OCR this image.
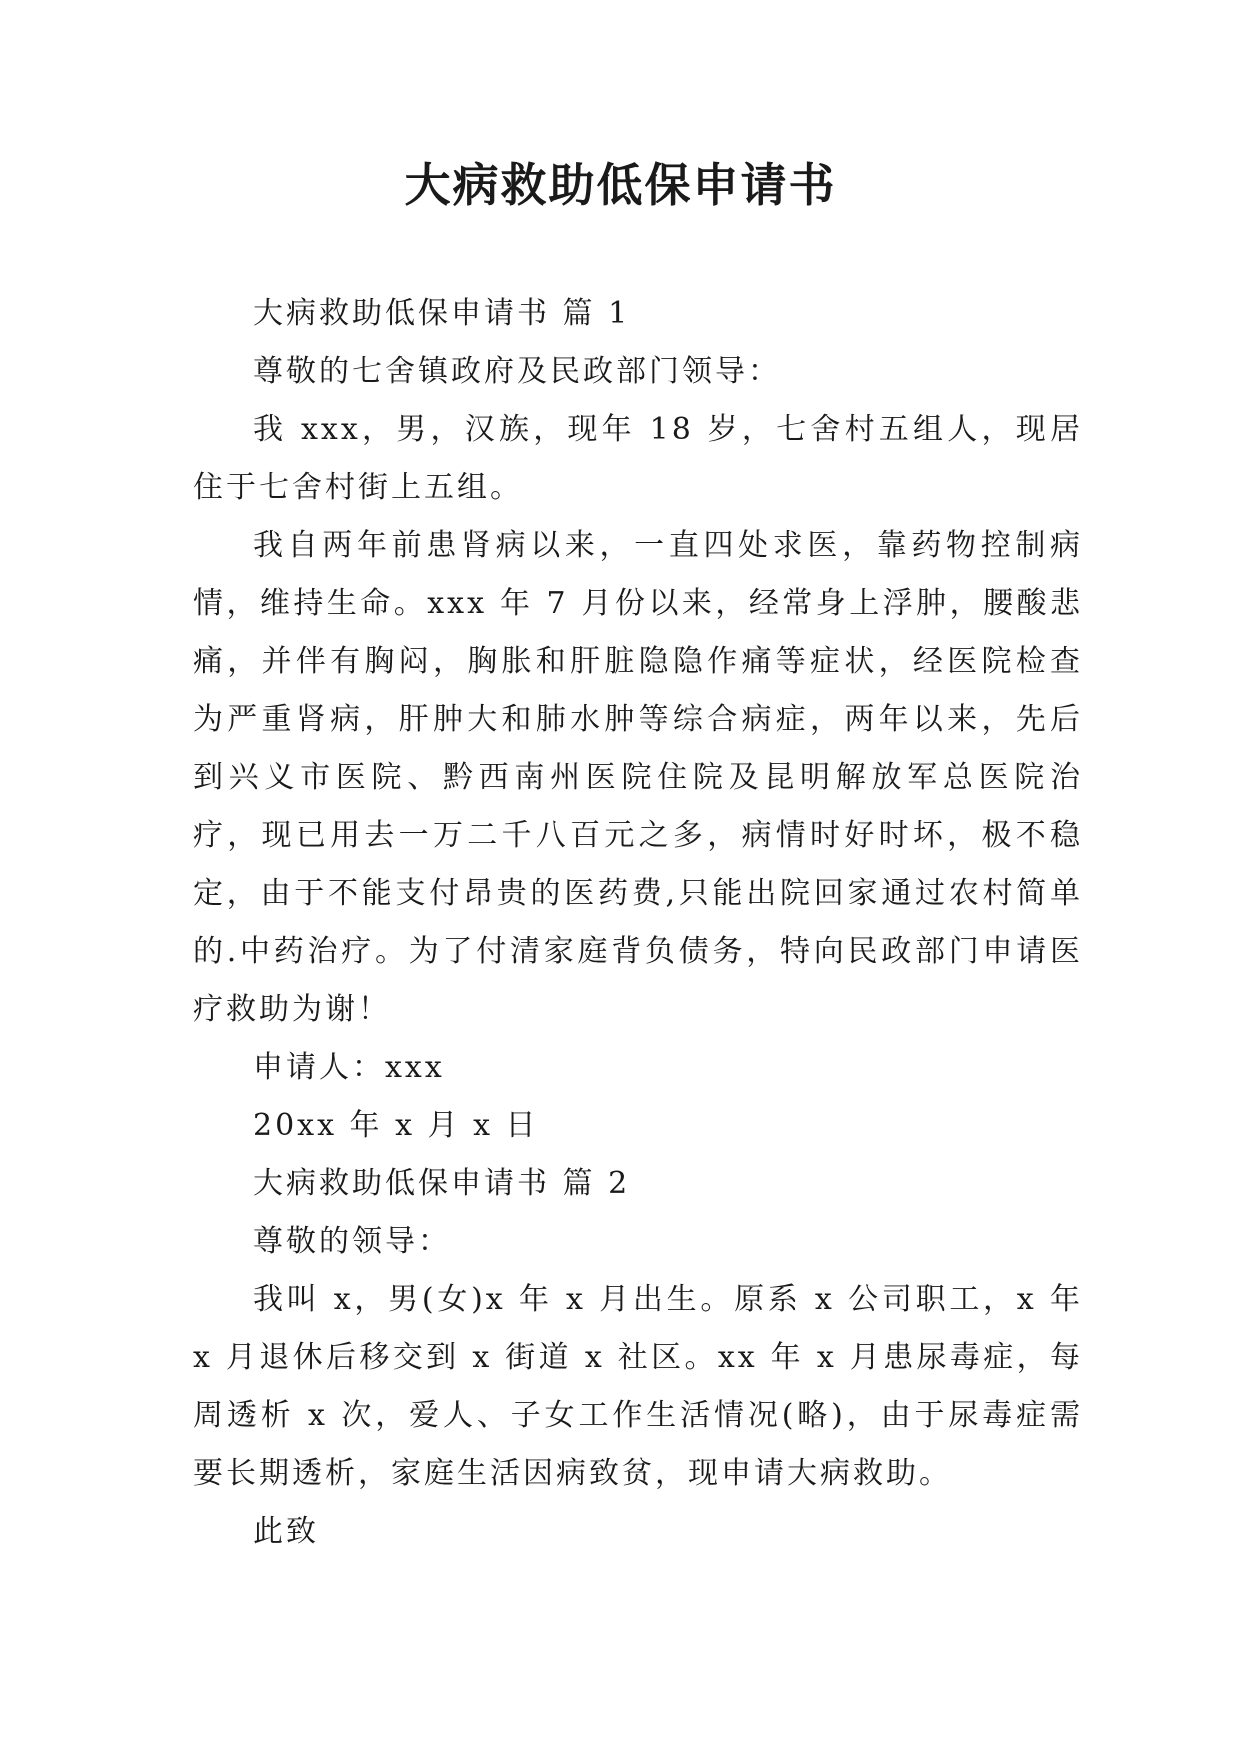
大病救助低保申请书

大病救助低保申请书 篇 1

尊敬的七舍镇政府及民政部门领导：

我 xxx，男，汉族，现年 18 岁，七舍村五组人，现居住于七舍村街上五组。

我自两年前患肾病以来，一直四处求医，靠药物控制病情，维持生命。xxx 年 7 月份以来，经常身上浮肿，腰酸悲痛，并伴有胸闷，胸胀和肝脏隐隐作痛等症状，经医院检查为严重肾病，肝肿大和肺水肿等综合病症，两年以来，先后到兴义市医院、黔西南州医院住院及昆明解放军总医院治疗，现已用去一万二千八百元之多，病情时好时坏，极不稳定，由于不能支付昂贵的医药费,只能出院回家通过农村简单的.中药治疗。为了付清家庭背负债务，特向民政部门申请医疗救助为谢！

申请人：xxx

20xx 年 x 月 x 日

大病救助低保申请书 篇 2

尊敬的领导：

我叫 x，男(女)x 年 x 月出生。原系 x 公司职工，x 年 x 月退休后移交到 x 街道 x 社区。xx 年 x 月患尿毒症，每周透析 x 次，爱人、子女工作生活情况(略)，由于尿毒症需要长期透析，家庭生活因病致贫，现申请大病救助。

此致
